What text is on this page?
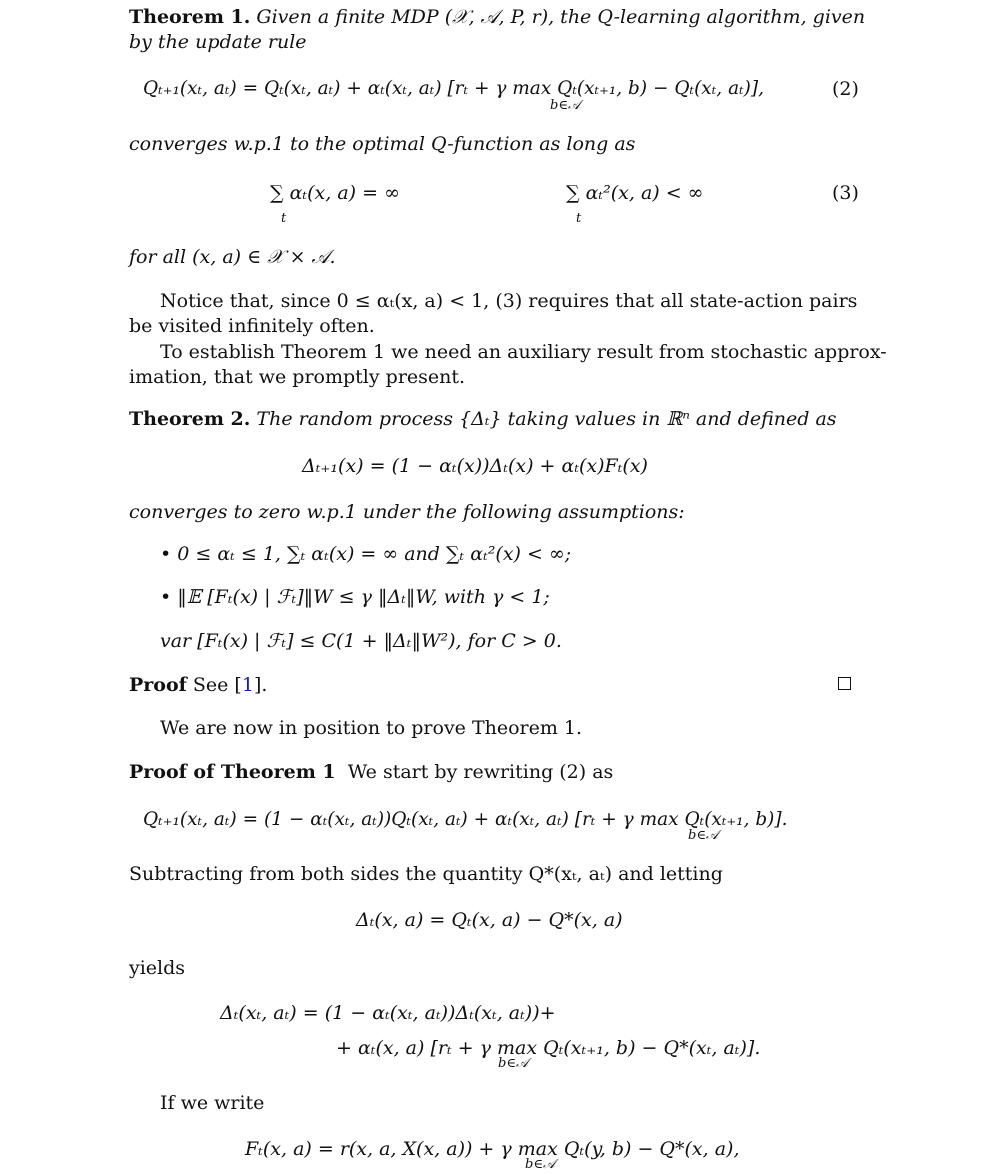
Theorem 1. Given a finite MDP (𝒳, 𝒜, P, r), the Q-learning algorithm, given
by the update rule
Qₜ₊₁(xₜ, aₜ) = Qₜ(xₜ, aₜ) + αₜ(xₜ, aₜ) [rₜ + γ max Qₜ(xₜ₊₁, b) − Qₜ(xₜ, aₜ)],
b∈𝒜
(2)
converges w.p.1 to the optimal Q-function as long as
∑ αₜ(x, a) = ∞
t
∑ αₜ²(x, a) < ∞
t
(3)
for all (x, a) ∈ 𝒳 × 𝒜.
Notice that, since 0 ≤ αₜ(x, a) < 1, (3) requires that all state-action pairs
be visited infinitely often.
To establish Theorem 1 we need an auxiliary result from stochastic approx-
imation, that we promptly present.
Theorem 2. The random process {Δₜ} taking values in ℝⁿ and defined as
Δₜ₊₁(x) = (1 − αₜ(x))Δₜ(x) + αₜ(x)Fₜ(x)
converges to zero w.p.1 under the following assumptions:
• 0 ≤ αₜ ≤ 1, ∑ₜ αₜ(x) = ∞ and ∑ₜ αₜ²(x) < ∞;
• ‖𝔼 [Fₜ(x) | ℱₜ]‖W ≤ γ ‖Δₜ‖W, with γ < 1;
var [Fₜ(x) | ℱₜ] ≤ C(1 + ‖Δₜ‖W²), for C > 0.
Proof See [1].
We are now in position to prove Theorem 1.
Proof of Theorem 1 We start by rewriting (2) as
Qₜ₊₁(xₜ, aₜ) = (1 − αₜ(xₜ, aₜ))Qₜ(xₜ, aₜ) + αₜ(xₜ, aₜ) [rₜ + γ max Qₜ(xₜ₊₁, b)].
b∈𝒜
Subtracting from both sides the quantity Q*(xₜ, aₜ) and letting
Δₜ(x, a) = Qₜ(x, a) − Q*(x, a)
yields
Δₜ(xₜ, aₜ) = (1 − αₜ(xₜ, aₜ))Δₜ(xₜ, aₜ))+
+ αₜ(x, a) [rₜ + γ max Qₜ(xₜ₊₁, b) − Q*(xₜ, aₜ)].
b∈𝒜
If we write
Fₜ(x, a) = r(x, a, X(x, a)) + γ max Qₜ(y, b) − Q*(x, a),
b∈𝒜
